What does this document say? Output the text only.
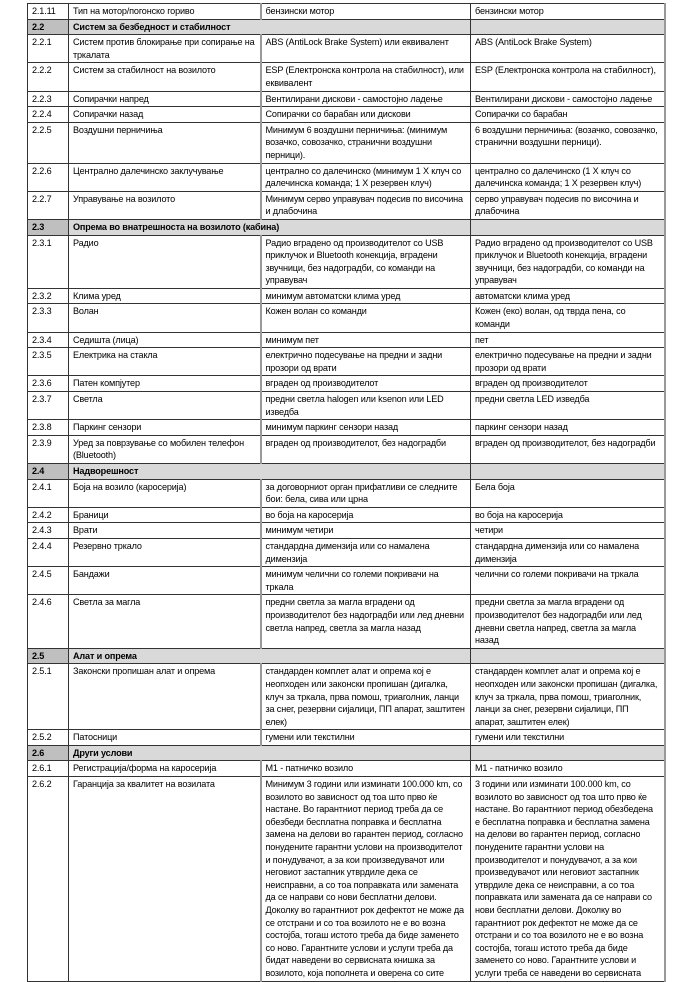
2.1.11	Тип на мотор/погонско гориво	бензински мотор	бензински мотор
2.2	Систем за безбедност и стабилност		
2.2.1	Систем против блокирање при сопирање на тркалата	ABS (AntiLock Brake System) или еквивалент	ABS (AntiLock Brake System)
2.2.2	Систем за стабилност на возилото	ESP (Електронска контрола на стабилност), или еквивалент	ESP (Електронска контрола на стабилност),
2.2.3	Сопирачки напред	Вентилирани дискови - самостојно ладење	Вентилирани дискови - самостојно ладење
2.2.4	Сопирачки назад	Сопирачки со барабан или дискови	Сопирачки со барабан
2.2.5	Воздушни перничиња	Минимум 6 воздушни перничиња: (минимум возачко, совозачко, странични воздушни перници).	6 воздушни перничиња: (возачко, совозачко, странични воздушни перници).
2.2.6	Централно далечинско заклучување	централно со далечинско (минимум 1 X клуч со далечинска команда; 1 X резервен клуч)	централно со далечинско (1 X клуч со далечинска команда; 1 X резервен клуч)
2.2.7	Управување на возилото	Минимум серво управувач подесив по височина и длабочина	серво управувач подесив по височина и длабочина
2.3	Опрема во внатрешноста на возилото (кабина)		
2.3.1	Радио	Радио вградено од производителот со USB приклучок и Bluetooth конекција, вградени звучници, без надоградби, со команди на управувач	Радио вградено од производителот со USB приклучок и Bluetooth конекција, вградени звучници, без надоградби, со команди на управувач
2.3.2	Клима уред	минимум автоматски клима уред	автоматски клима уред
2.3.3	Волан	Кожен волан со команди	Кожен (еко) волан, од тврда пена, со команди
2.3.4	Седишта (лица)	минимум пет	пет
2.3.5	Електрика на стакла	електрично подесување на предни и задни прозори од врати	електрично подесување на предни и задни прозори од врати
2.3.6	Патен компјутер	вграден од производителот	вграден од производителот
2.3.7	Светла	предни светла halogen или ksenon или LED изведба	предни светла LED изведба
2.3.8	Паркинг сензори	минимум паркинг сензори назад	паркинг сензори назад
2.3.9	Уред за поврзување со мобилен телефон (Bluetooth)	вграден од производителот, без надоградби	вграден од производителот, без надоградби
2.4	Надворешност		
2.4.1	Боја на возило (каросерија)	за договорниот орган прифатливи се следните бои: бела, сива или црна	Бела боја
2.4.2	Браници	во боја на каросерија	во боја на каросерија
2.4.3	Врати	минимум четири	четири
2.4.4	Резервно тркало	стандардна димензија или со намалена димензија	стандардна димензија или со намалена димензија
2.4.5	Бандажи	минимум челични со големи покривачи на тркала	челични со големи покривачи на тркала
2.4.6	Светла за магла	предни светла за магла вградени од производителот без надоградби или лед дневни светла напред, светла за магла назад	предни светла за магла вградени од производителот без надоградби или лед дневни светла напред, светла за магла назад
2.5	Алат и опрема		
2.5.1	Законски пропишан алат и опрема	стандарден комплет алат и опрема кој е неопходен или законски пропишан (дигалка, клуч за тркала, прва помош, триаголник, ланци за снег, резервни сијалици, ПП апарат, заштитен елек)	стандарден комплет алат и опрема кој е неопходен или законски пропишан (дигалка, клуч за тркала, прва помош, триаголник, ланци за снег, резервни сијалици, ПП апарат, заштитен елек)
2.5.2	Патосници	гумени или текстилни	гумени или текстилни
2.6	Други услови		
2.6.1	Регистрација/форма на каросерија	М1 - патничко возило	М1 - патничко возило
2.6.2	Гаранција за квалитет на возилата	Минимум 3 години или изминати 100.000 km, со возилото во зависност од тоа што прво ќе настане. Во гарантниот период треба да се обезбеди бесплатна поправка и бесплатна замена на делови во гарантен период, согласно понудените гарантни услови на производителот и понудувачот, а за кои произведувачот или неговиот застапник утврдиле дека се неисправни, а со тоа поправката или замената да се направи со нови бесплатни делови. Доколку во гарантниот рок дефектот не може да се отстрани и со тоа возилото не е во возна состојба, тогаш истото треба да биде заменето со ново. Гарантните услови и услуги треба да бидат наведени во сервисната книшка за возилото, која пополнета и оверена со сите	3 години или изминати 100.000 km, со возилото во зависност од тоа што прво ќе настане. Во гарантниот период обезбедена е бесплатна поправка и бесплатна замена на делови во гарантен период, согласно понудените гарантни услови на производителот и понудувачот, а за кои произведувачот или неговиот застапник утврдиле дека се неисправни, а со тоа поправката или замената да се направи со нови бесплатни делови. Доколку во гарантниот рок дефектот не може да се отстрани и со тоа возилото не е во возна состојба, тогаш истото треба да биде заменето со ново. Гарантните услови и услуги треба се наведени во сервисната
